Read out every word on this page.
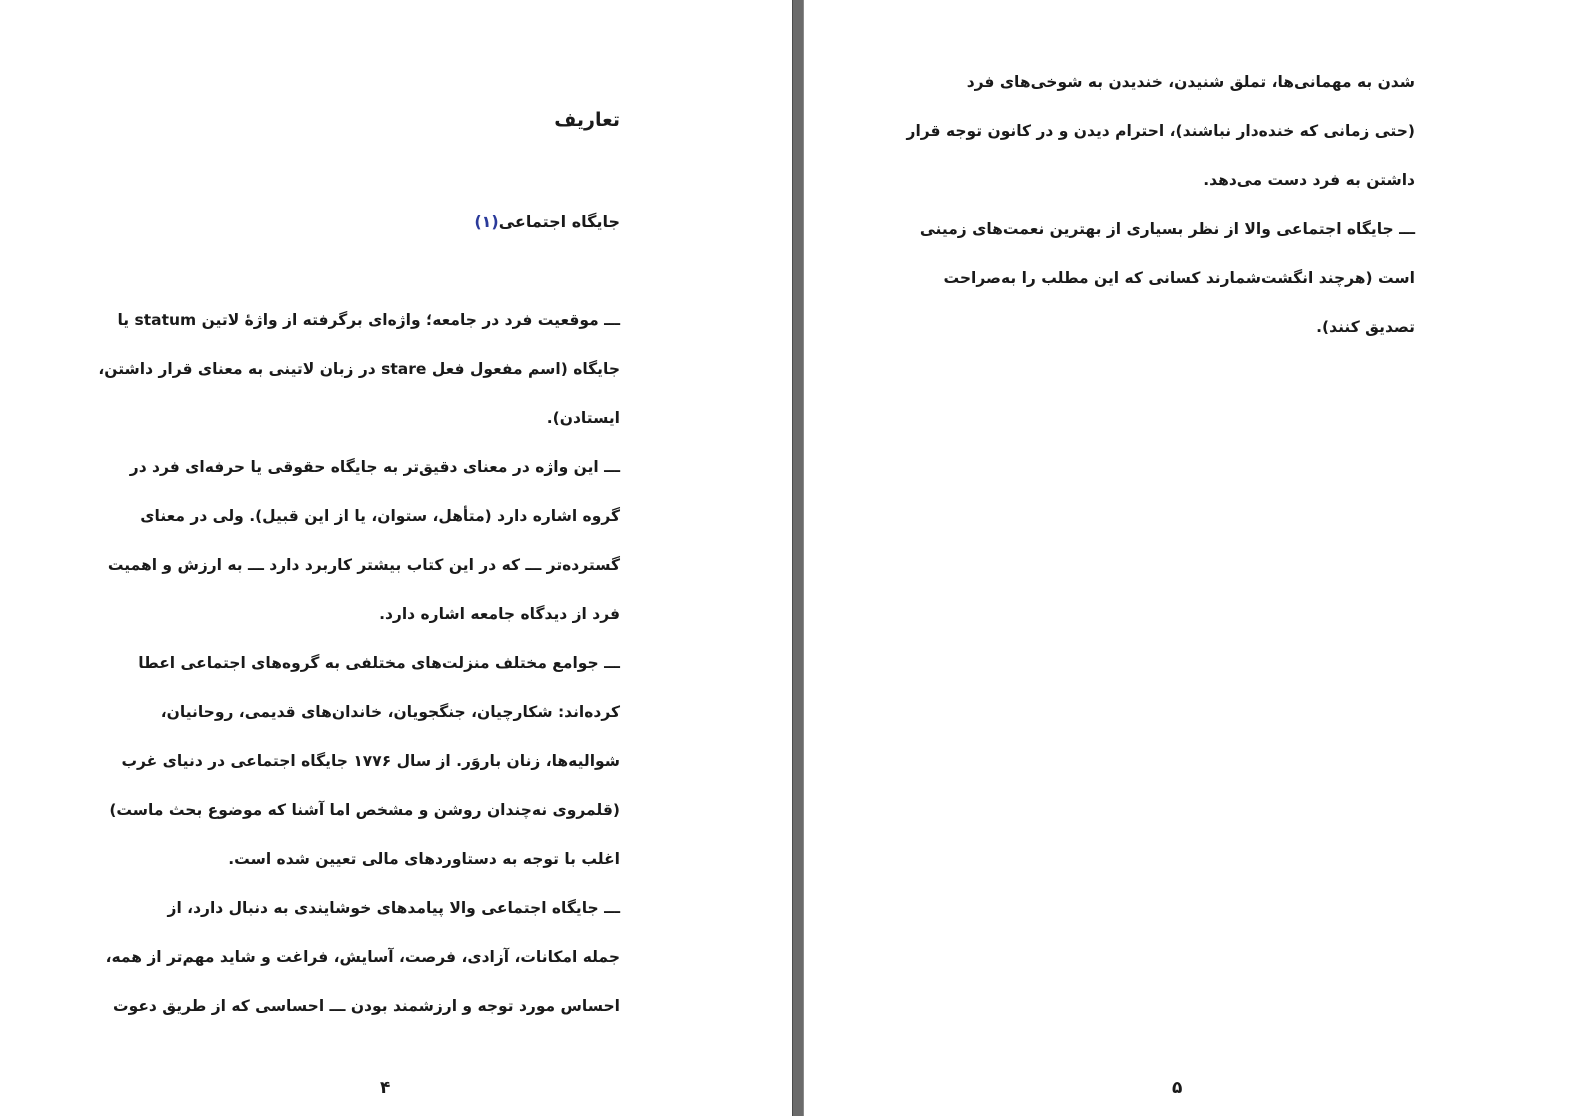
تعاریف
جایگاه اجتماعی(۱)
ـــ موقعیت فرد در جامعه؛ واژه‌ای برگرفته از واژهٔ لاتین statum یا
جایگاه (اسم مفعول فعل stare در زبان لاتینی به معنای قرار داشتن،
ایستادن).
ـــ این واژه در معنای دقیق‌تر به جایگاه حقوقی یا حرفه‌ای فرد در
گروه اشاره دارد (متأهل، ستوان، یا از این قبیل). ولی در معنای
گسترده‌تر ـــ که در این کتاب بیشتر کاربرد دارد ـــ به ارزش و اهمیت
فرد از دیدگاه جامعه اشاره دارد.
ـــ جوامع مختلف منزلت‌های مختلفی به گروه‌های اجتماعی اعطا
کرده‌اند: شکارچیان، جنگجویان، خاندان‌های قدیمی، روحانیان،
شوالیه‌ها، زنان باروَر. از سال ۱۷۷۶ جایگاه اجتماعی در دنیای غرب
(قلمروی نه‌چندان روشن و مشخص اما آشنا که موضوع بحث ماست)
اغلب با توجه به دستاوردهای مالی تعیین شده است.
ـــ جایگاه اجتماعی والا پیامدهای خوشایندی به دنبال دارد، از
جمله امکانات، آزادی، فرصت، آسایش، فراغت و شاید مهم‌تر از همه،
احساس مورد توجه و ارزشمند بودن ـــ احساسی که از طریق دعوت
۴
شدن به مهمانی‌ها، تملق شنیدن، خندیدن به شوخی‌های فرد
(حتی زمانی که خنده‌دار نباشند)، احترام دیدن و در کانون توجه قرار
داشتن به فرد دست می‌دهد.
ـــ جایگاه اجتماعی والا از نظر بسیاری از بهترین نعمت‌های زمینی
است (هرچند انگشت‌شمارند کسانی که این مطلب را به‌صراحت
تصدیق کنند).
۵
